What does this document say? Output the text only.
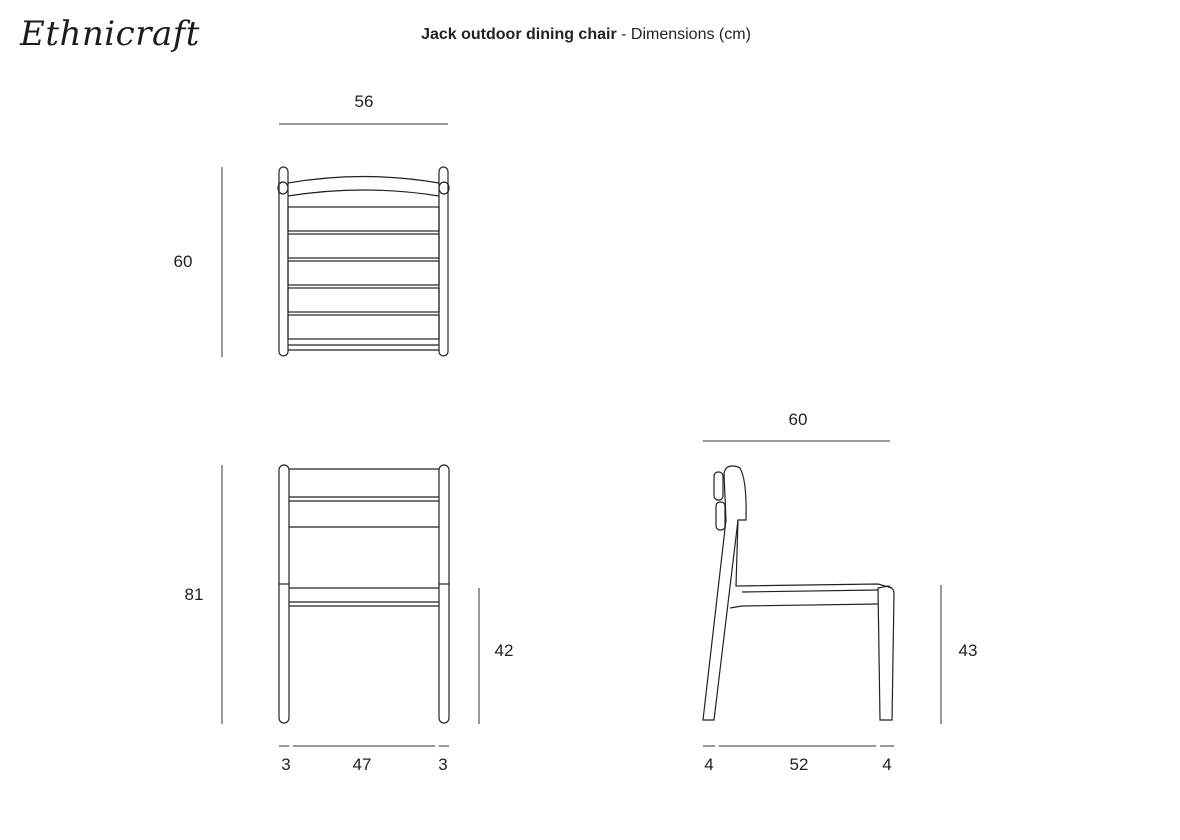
Ethnicraft	Jack outdoor dining chair - Dimensions (cm)
56
60
81
42
3	47	3
60
43
4	52	4
